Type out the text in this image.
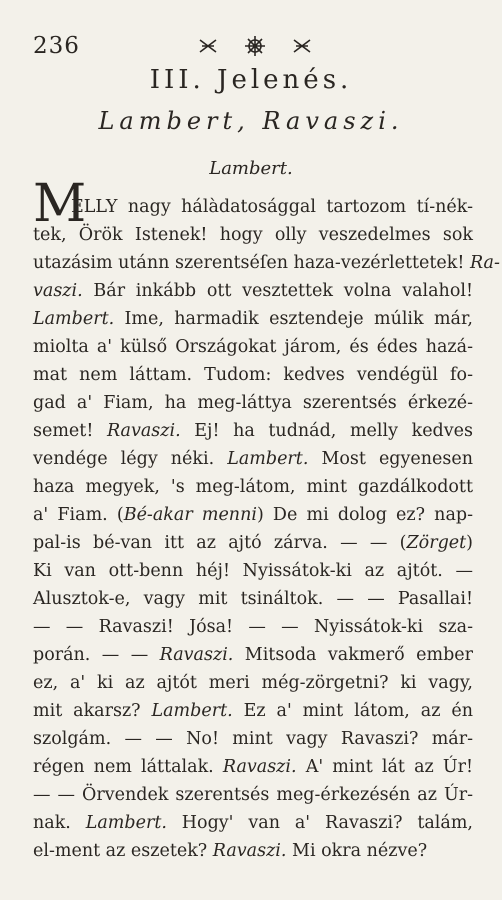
236
III. Jelenés.
Lambert, Ravaszi.
Lambert.
M
ELLY nagy hálàdatosággal tartozom tí-nék-
tek, Örök Istenek! hogy olly veszedelmes sok
utazásim utánn szerentséſen haza-vezérlettetek! Ra-
vaszi. Bár inkább ott vesztettek volna valahol!
Lambert. Ime, harmadik esztendeje múlik már,
miolta a' külső Országokat járom, és édes hazá-
mat nem láttam. Tudom: kedves vendégül fo-
gad a' Fiam, ha meg-láttya szerentsés érkezé-
semet! Ravaszi. Ej! ha tudnád, melly kedves
vendége légy néki. Lambert. Most egyenesen
haza megyek, 's meg-látom, mint gazdálkodott
a' Fiam. (Bé-akar menni) De mi dolog ez? nap-
pal-is bé-van itt az ajtó zárva. — — (Zörget)
Ki van ott-benn héj! Nyissátok-ki az ajtót. —
Alusztok-e, vagy mit tsináltok. — — Pasallai!
— — Ravaszi! Jósa! — — Nyissátok-ki sza-
porán. — — Ravaszi. Mitsoda vakmerő ember
ez, a' ki az ajtót meri még-zörgetni? ki vagy,
mit akarsz? Lambert. Ez a' mint látom, az én
szolgám. — — No! mint vagy Ravaszi? már-
régen nem láttalak. Ravaszi. A' mint lát az Úr!
— — Örvendek szerentsés meg-érkezésén az Úr-
nak. Lambert. Hogy' van a' Ravaszi? talám,
el-ment az eszetek? Ravaszi. Mi okra nézve?
